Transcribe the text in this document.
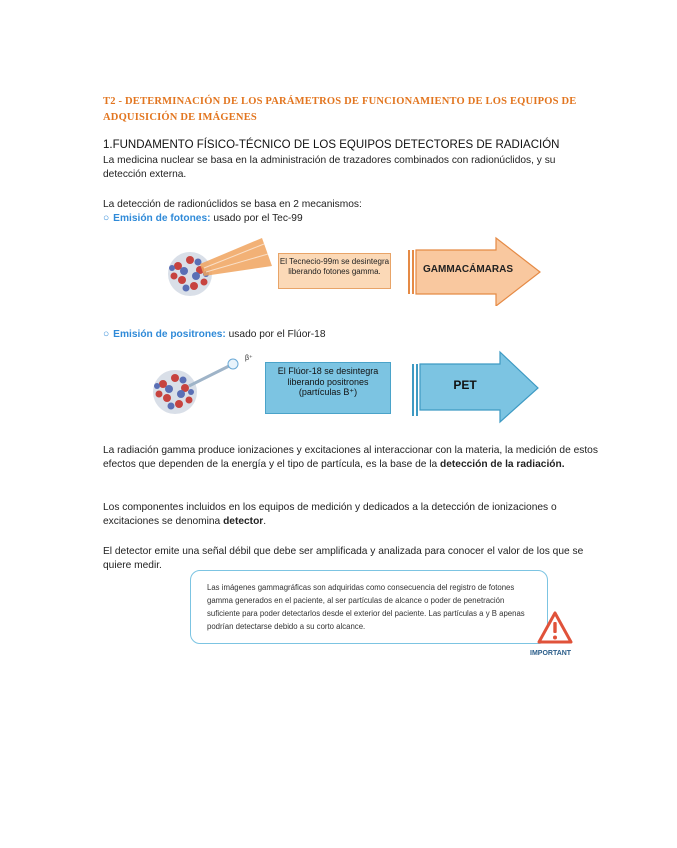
T2 - DETERMINACIÓN DE LOS PARÁMETROS DE FUNCIONAMIENTO DE LOS EQUIPOS DE ADQUISICIÓN DE IMÁGENES
1.FUNDAMENTO FÍSICO-TÉCNICO DE LOS EQUIPOS DETECTORES DE RADIACIÓN
La medicina nuclear se basa en la administración de trazadores combinados con radionúclidos, y su detección externa.
La detección de radionúclidos se basa en 2 mecanismos:
○ Emisión de fotones: usado por el Tec-99
El Tecnecio-99m se desintegra liberando fotones gamma.	GAMMACÁMARAS
○ Emisión de positrones: usado por el Flúor-18
β⁺
El Flúor-18 se desintegra liberando positrones (partículas B⁺)	PET
La radiación gamma produce ionizaciones y excitaciones al interaccionar con la materia, la medición de estos efectos que dependen de la energía y el tipo de partícula, es la base de la detección de la radiación.
Los componentes incluidos en los equipos de medición y dedicados a la detección de ionizaciones o excitaciones se denomina detector.
El detector emite una señal débil que debe ser amplificada y analizada para conocer el valor de los que se quiere medir.
Las imágenes gammagráficas son adquiridas como consecuencia del registro de fotones gamma generados en el paciente, al ser partículas de alcance o poder de penetración suficiente para poder detectarlos desde el exterior del paciente. Las partículas a y B apenas podrían detectarse debido a su corto alcance.
IMPORTANT
